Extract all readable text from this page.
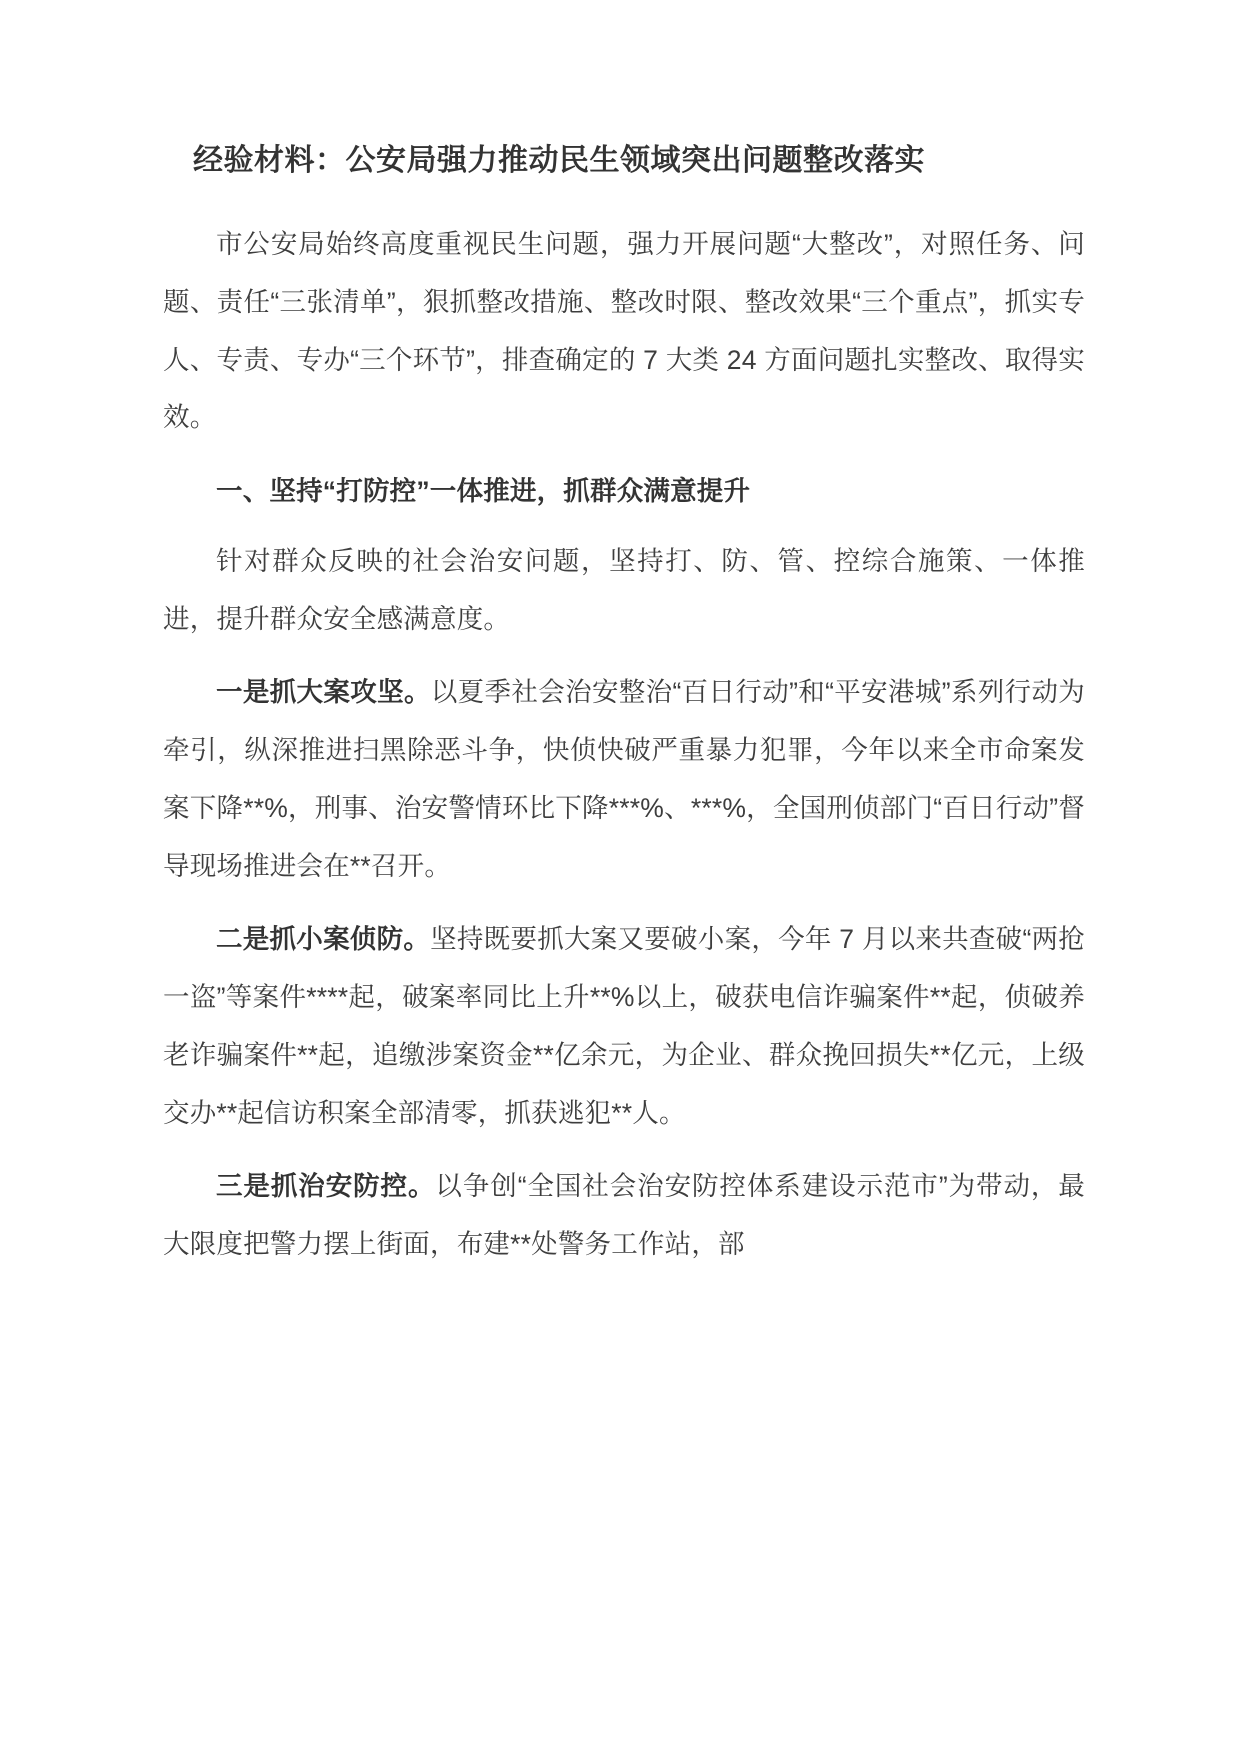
经验材料：公安局强力推动民生领域突出问题整改落实

市公安局始终高度重视民生问题，强力开展问题“大整改”，对照任务、问题、责任“三张清单”，狠抓整改措施、整改时限、整改效果“三个重点”，抓实专人、专责、专办“三个环节”，排查确定的 7 大类 24 方面问题扎实整改、取得实效。

一、坚持“打防控”一体推进，抓群众满意提升

针对群众反映的社会治安问题，坚持打、防、管、控综合施策、一体推进，提升群众安全感满意度。

一是抓大案攻坚。以夏季社会治安整治“百日行动”和“平安港城”系列行动为牵引，纵深推进扫黑除恶斗争，快侦快破严重暴力犯罪，今年以来全市命案发案下降**%，刑事、治安警情环比下降***%、***%，全国刑侦部门“百日行动”督导现场推进会在**召开。

二是抓小案侦防。坚持既要抓大案又要破小案，今年 7 月以来共查破“两抢一盗”等案件****起，破案率同比上升**%以上，破获电信诈骗案件**起，侦破养老诈骗案件**起，追缴涉案资金**亿余元，为企业、群众挽回损失**亿元，上级交办**起信访积案全部清零，抓获逃犯**人。

三是抓治安防控。以争创“全国社会治安防控体系建设示范市”为带动，最大限度把警力摆上街面，布建**处警务工作站，部
